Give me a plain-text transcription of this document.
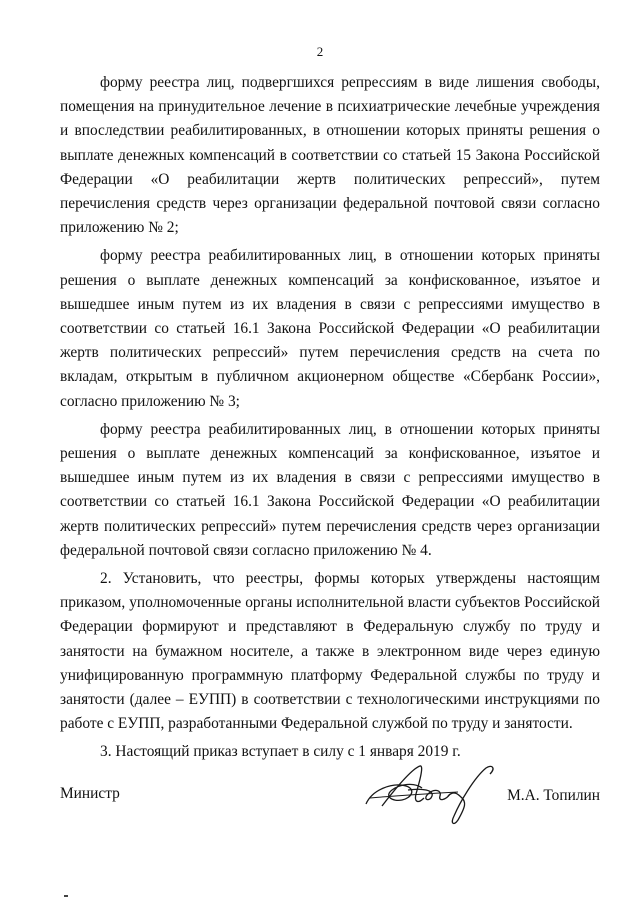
2

форму реестра лиц, подвергшихся репрессиям в виде лишения свободы, помещения на принудительное лечение в психиатрические лечебные учреждения и впоследствии реабилитированных, в отношении которых приняты решения о выплате денежных компенсаций в соответствии со статьей 15 Закона Российской Федерации «О реабилитации жертв политических репрессий», путем перечисления средств через организации федеральной почтовой связи согласно приложению № 2;

форму реестра реабилитированных лиц, в отношении которых приняты решения о выплате денежных компенсаций за конфискованное, изъятое и вышедшее иным путем из их владения в связи с репрессиями имущество в соответствии со статьей 16.1 Закона Российской Федерации «О реабилитации жертв политических репрессий» путем перечисления средств на счета по вкладам, открытым в публичном акционерном обществе «Сбербанк России», согласно приложению № 3;

форму реестра реабилитированных лиц, в отношении которых приняты решения о выплате денежных компенсаций за конфискованное, изъятое и вышедшее иным путем из их владения в связи с репрессиями имущество в соответствии со статьей 16.1 Закона Российской Федерации «О реабилитации жертв политических репрессий» путем перечисления средств через организации федеральной почтовой связи согласно приложению № 4.

2. Установить, что реестры, формы которых утверждены настоящим приказом, уполномоченные органы исполнительной власти субъектов Российской Федерации формируют и представляют в Федеральную службу по труду и занятости на бумажном носителе, а также в электронном виде через единую унифицированную программную платформу Федеральной службы по труду и занятости (далее – ЕУПП) в соответствии с технологическими инструкциями по работе с ЕУПП, разработанными Федеральной службой по труду и занятости.

3. Настоящий приказ вступает в силу с 1 января 2019 г.

Министр	М.А. Топилин
